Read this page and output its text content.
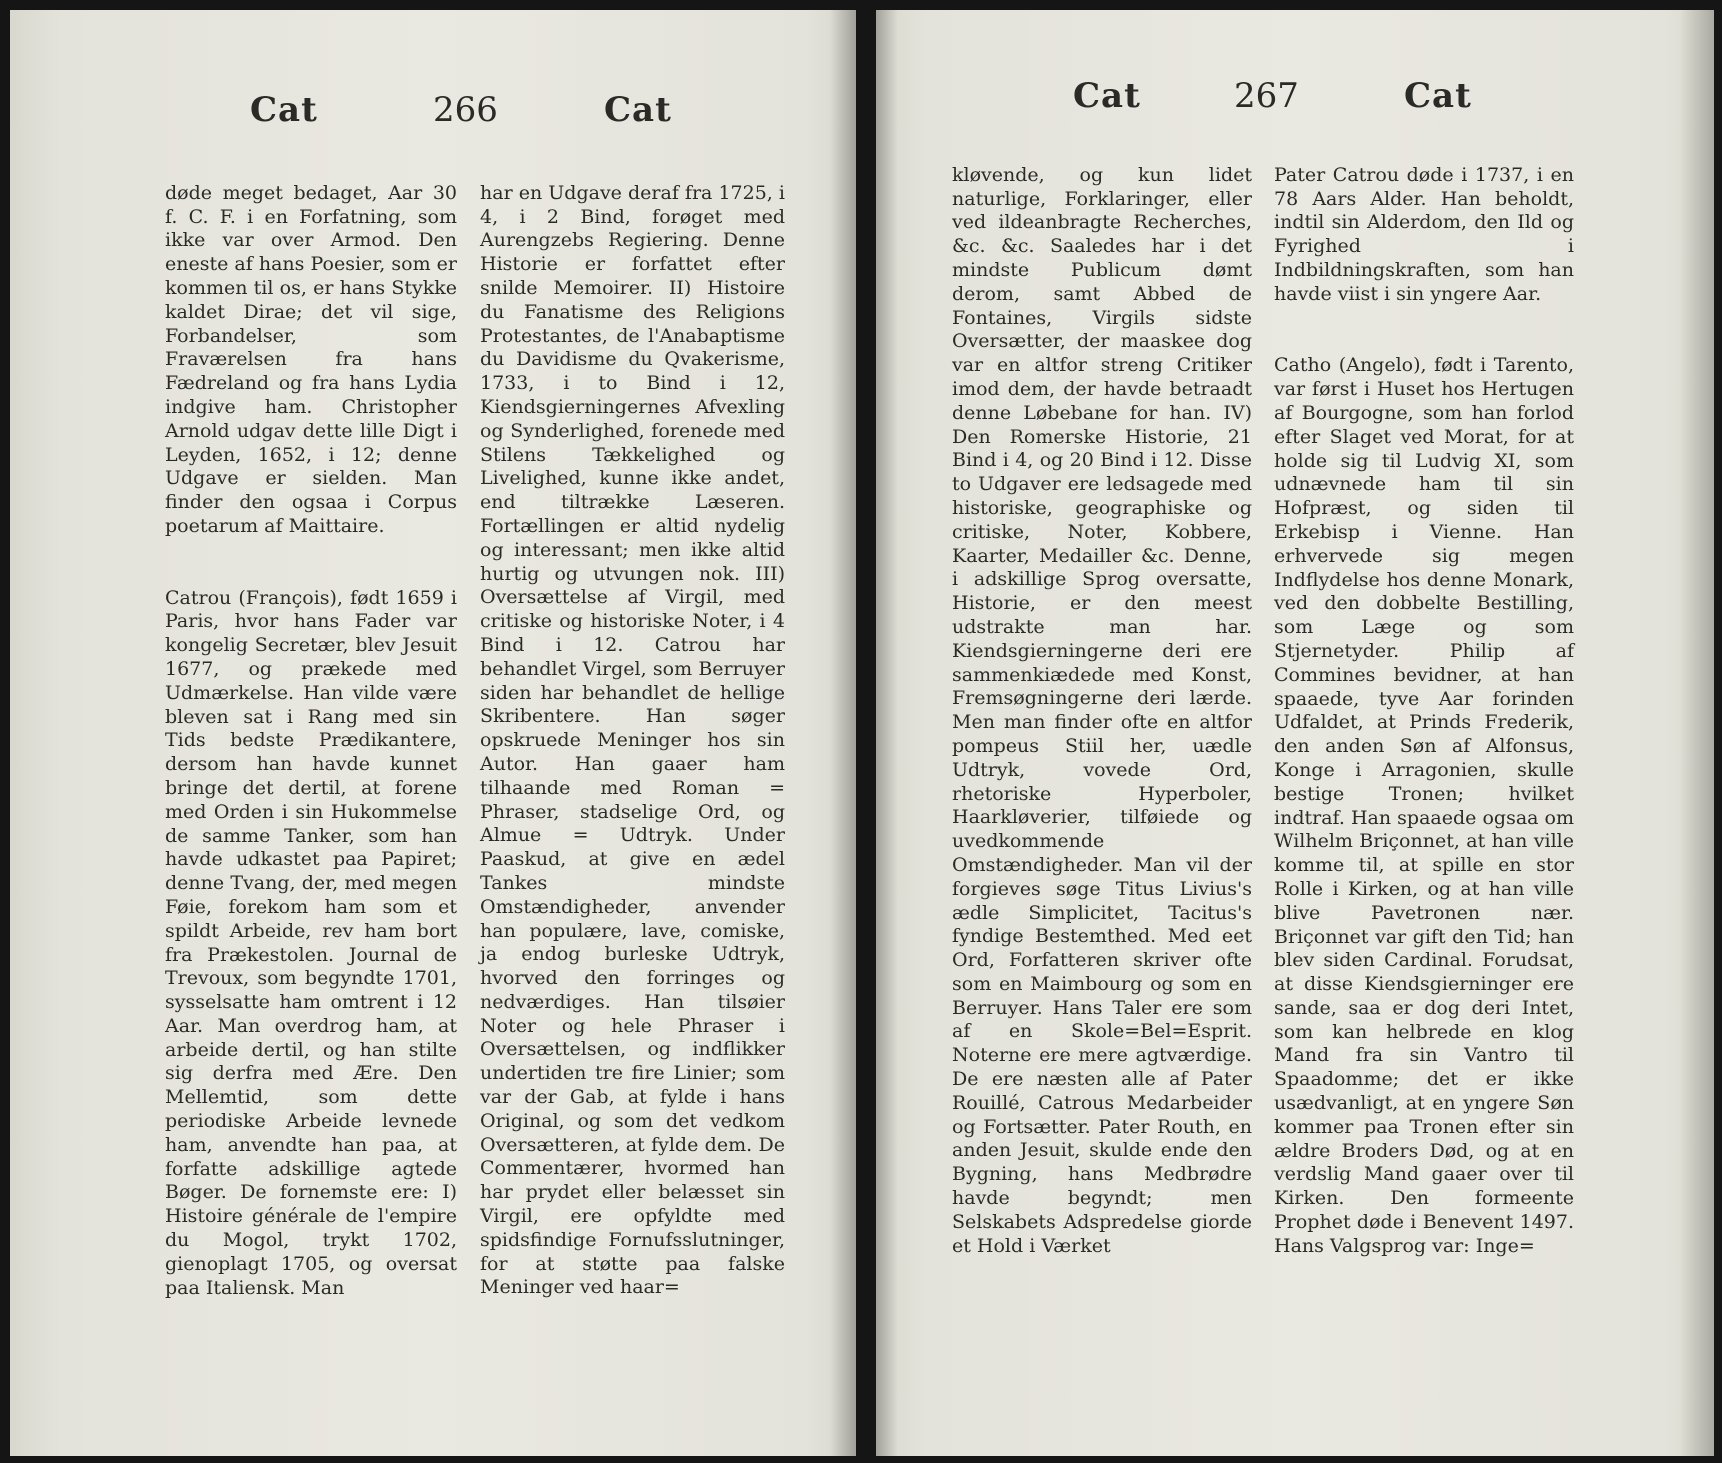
Cat	266	Cat

døde meget bedaget, Aar 30 f. C. F. i en Forfatning, som ikke var over Armod. Den eneste af hans Poesier, som er kommen til os, er hans Stykke kaldet Dirae; det vil sige, Forbandelser, som Fraværelsen fra hans Fædreland og fra hans Lydia indgive ham. Christopher Arnold udgav dette lille Digt i Leyden, 1652, i 12; denne Udgave er sielden. Man finder den ogsaa i Corpus poetarum af Maittaire.

Catrou (François), født 1659 i Paris, hvor hans Fader var kongelig Secretær, blev Jesuit 1677, og prækede med Udmærkelse. Han vilde være bleven sat i Rang med sin Tids bedste Prædikantere, dersom han havde kunnet bringe det dertil, at forene med Orden i sin Hukommelse de samme Tanker, som han havde udkastet paa Papiret; denne Tvang, der, med megen Føie, forekom ham som et spildt Arbeide, rev ham bort fra Prækestolen. Journal de Trevoux, som begyndte 1701, sysselsatte ham omtrent i 12 Aar. Man overdrog ham, at arbeide dertil, og han stilte sig derfra med Ære. Den Mellemtid, som dette periodiske Arbeide levnede ham, anvendte han paa, at forfatte adskillige agtede Bøger. De fornemste ere: I) Histoire générale de l'empire du Mogol, trykt 1702, gienoplagt 1705, og oversat paa Italiensk. Man

har en Udgave deraf fra 1725, i 4, i 2 Bind, forøget med Aurengzebs Regiering. Denne Historie er forfattet efter snilde Memoirer. II) Histoire du Fanatisme des Religions Protestantes, de l'Anabaptisme du Davidisme du Qvakerisme, 1733, i to Bind i 12, Kiendsgierningernes Afvexling og Synderlighed, forenede med Stilens Tækkelighed og Livelighed, kunne ikke andet, end tiltrække Læseren. Fortællingen er altid nydelig og interessant; men ikke altid hurtig og utvungen nok. III) Oversættelse af Virgil, med critiske og historiske Noter, i 4 Bind i 12. Catrou har behandlet Virgel, som Berruyer siden har behandlet de hellige Skribentere. Han søger opskruede Meninger hos sin Autor. Han gaaer ham tilhaande med Roman = Phraser, stadselige Ord, og Almue = Udtryk. Under Paaskud, at give en ædel Tankes mindste Omstændigheder, anvender han populære, lave, comiske, ja endog burleske Udtryk, hvorved den forringes og nedværdiges. Han tilsøier Noter og hele Phraser i Oversættelsen, og indflikker undertiden tre fire Linier; som var der Gab, at fylde i hans Original, og som det vedkom Oversætteren, at fylde dem. De Commentærer, hvormed han har prydet eller belæsset sin Virgil, ere opfyldte med spidsfindige Fornufsslutninger, for at støtte paa falske Meninger ved haar=

Cat	267	Cat

kløvende, og kun lidet naturlige, Forklaringer, eller ved ildeanbragte Recherches, &c. &c. Saaledes har i det mindste Publicum dømt derom, samt Abbed de Fontaines, Virgils sidste Oversætter, der maaskee dog var en altfor streng Critiker imod dem, der havde betraadt denne Løbebane for han. IV) Den Romerske Historie, 21 Bind i 4, og 20 Bind i 12. Disse to Udgaver ere ledsagede med historiske, geographiske og critiske, Noter, Kobbere, Kaarter, Medailler &c. Denne, i adskillige Sprog oversatte, Historie, er den meest udstrakte man har. Kiendsgierningerne deri ere sammenkiædede med Konst, Fremsøgningerne deri lærde. Men man finder ofte en altfor pompeus Stiil her, uædle Udtryk, vovede Ord, rhetoriske Hyperboler, Haarkløverier, tilføiede og uvedkommende Omstændigheder. Man vil der forgieves søge Titus Livius's ædle Simplicitet, Tacitus's fyndige Bestemthed. Med eet Ord, Forfatteren skriver ofte som en Maimbourg og som en Berruyer. Hans Taler ere som af en Skole=Bel=Esprit. Noterne ere mere agtværdige. De ere næsten alle af Pater Rouillé, Catrous Medarbeider og Fortsætter. Pater Routh, en anden Jesuit, skulde ende den Bygning, hans Medbrødre havde begyndt; men Selskabets Adspredelse giorde et Hold i Værket

Pater Catrou døde i 1737, i en 78 Aars Alder. Han beholdt, indtil sin Alderdom, den Ild og Fyrighed i Indbildningskraften, som han havde viist i sin yngere Aar.

Catho (Angelo), født i Tarento, var først i Huset hos Hertugen af Bourgogne, som han forlod efter Slaget ved Morat, for at holde sig til Ludvig XI, som udnævnede ham til sin Hofpræst, og siden til Erkebisp i Vienne. Han erhvervede sig megen Indflydelse hos denne Monark, ved den dobbelte Bestilling, som Læge og som Stjernetyder. Philip af Commines bevidner, at han spaaede, tyve Aar forinden Udfaldet, at Prinds Frederik, den anden Søn af Alfonsus, Konge i Arragonien, skulle bestige Tronen; hvilket indtraf. Han spaaede ogsaa om Wilhelm Briçonnet, at han ville komme til, at spille en stor Rolle i Kirken, og at han ville blive Pavetronen nær. Briçonnet var gift den Tid; han blev siden Cardinal. Forudsat, at disse Kiendsgierninger ere sande, saa er dog deri Intet, som kan helbrede en klog Mand fra sin Vantro til Spaadomme; det er ikke usædvanligt, at en yngere Søn kommer paa Tronen efter sin ældre Broders Død, og at en verdslig Mand gaaer over til Kirken. Den formeente Prophet døde i Benevent 1497. Hans Valgsprog var: Inge=
